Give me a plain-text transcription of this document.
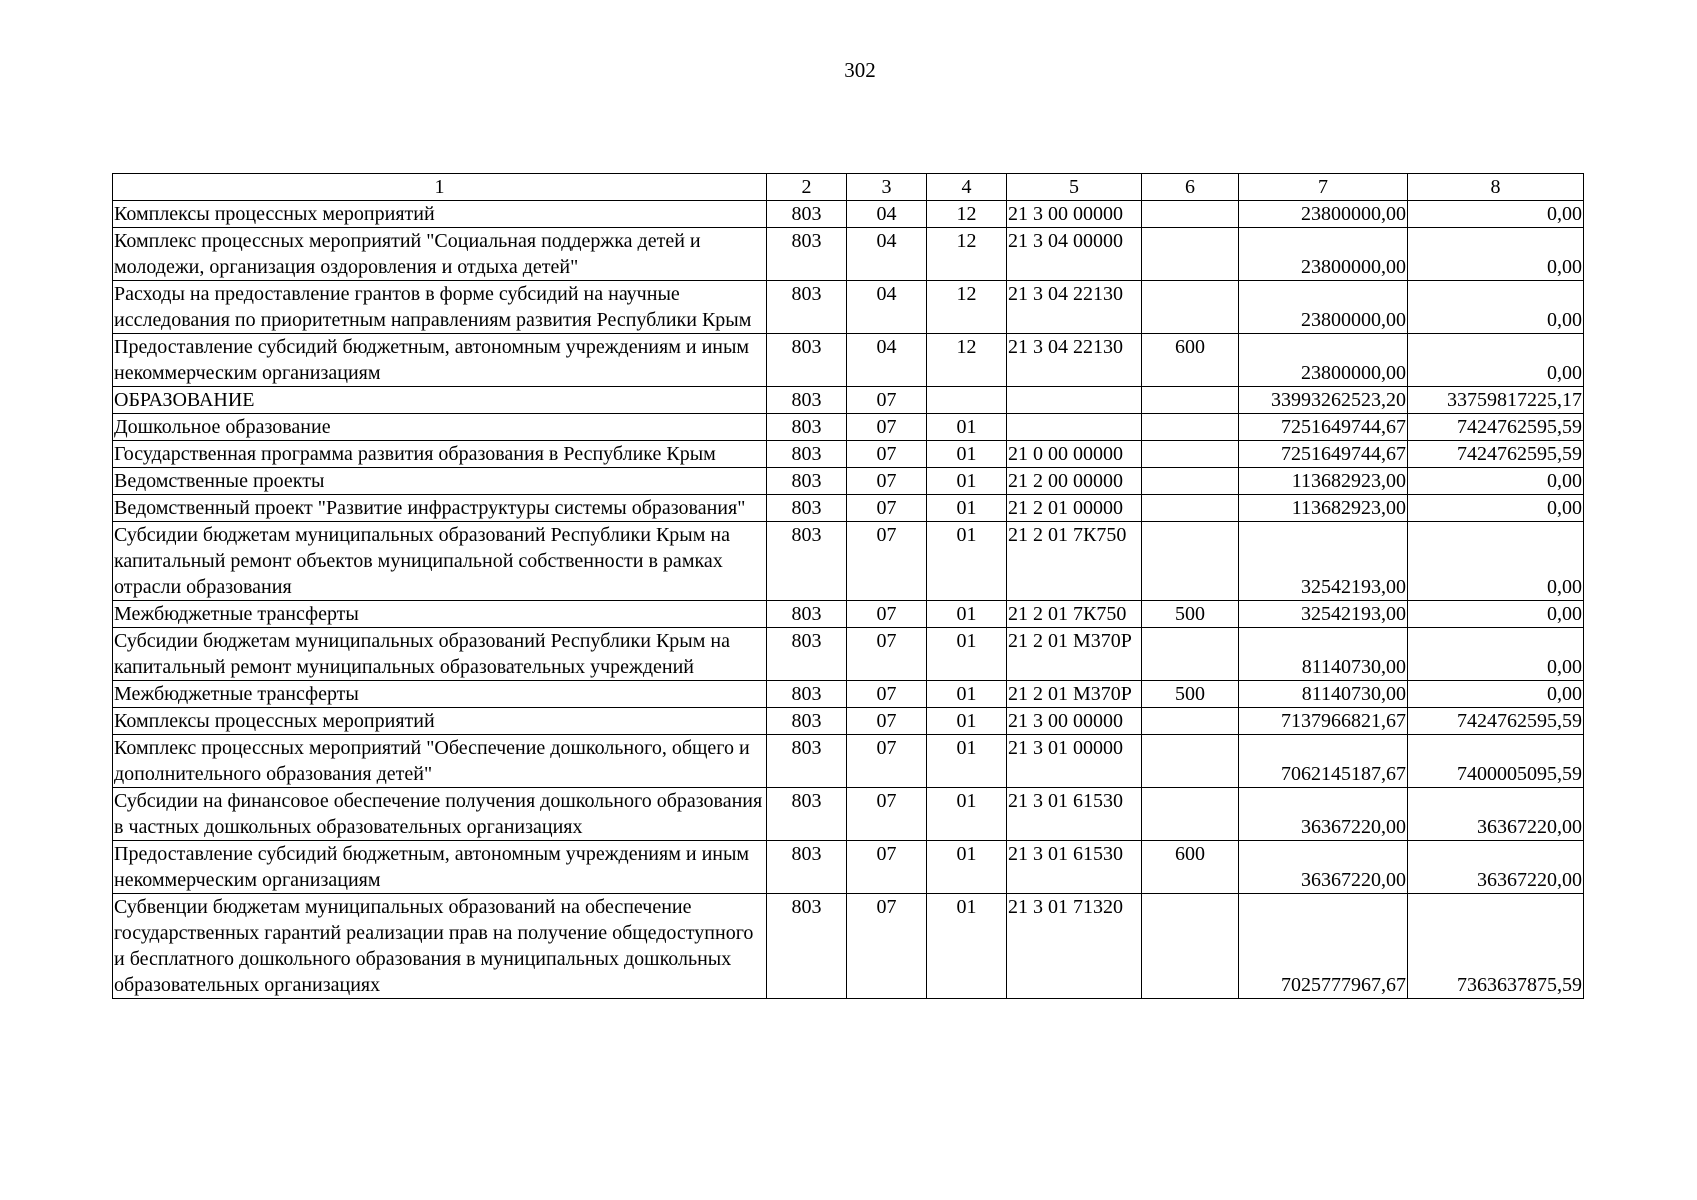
302
1	2	3	4	5	6	7	8
Комплексы процессных мероприятий	803	04	12	21 3 00 00000		23800000,00	0,00
Комплекс процессных мероприятий "Социальная поддержка детей и молодежи, организация оздоровления и отдыха детей"	803	04	12	21 3 04 00000		23800000,00	0,00
Расходы на предоставление грантов в форме субсидий на научные исследования по приоритетным направлениям развития Республики Крым	803	04	12	21 3 04 22130		23800000,00	0,00
Предоставление субсидий бюджетным, автономным учреждениям и иным некоммерческим организациям	803	04	12	21 3 04 22130	600	23800000,00	0,00
ОБРАЗОВАНИЕ	803	07				33993262523,20	33759817225,17
Дошкольное образование	803	07	01			7251649744,67	7424762595,59
Государственная программа развития образования в Республике Крым	803	07	01	21 0 00 00000		7251649744,67	7424762595,59
Ведомственные проекты	803	07	01	21 2 00 00000		113682923,00	0,00
Ведомственный проект "Развитие инфраструктуры системы образования"	803	07	01	21 2 01 00000		113682923,00	0,00
Субсидии бюджетам муниципальных образований Республики Крым на капитальный ремонт объектов муниципальной собственности в рамках отрасли образования	803	07	01	21 2 01 7К750		32542193,00	0,00
Межбюджетные трансферты	803	07	01	21 2 01 7К750	500	32542193,00	0,00
Субсидии бюджетам муниципальных образований Республики Крым на капитальный ремонт муниципальных образовательных учреждений	803	07	01	21 2 01 М370Р		81140730,00	0,00
Межбюджетные трансферты	803	07	01	21 2 01 М370Р	500	81140730,00	0,00
Комплексы процессных мероприятий	803	07	01	21 3 00 00000		7137966821,67	7424762595,59
Комплекс процессных мероприятий "Обеспечение дошкольного, общего и дополнительного образования детей"	803	07	01	21 3 01 00000		7062145187,67	7400005095,59
Субсидии на финансовое обеспечение получения дошкольного образования в частных дошкольных образовательных организациях	803	07	01	21 3 01 61530		36367220,00	36367220,00
Предоставление субсидий бюджетным, автономным учреждениям и иным некоммерческим организациям	803	07	01	21 3 01 61530	600	36367220,00	36367220,00
Субвенции бюджетам муниципальных образований на обеспечение государственных гарантий реализации прав на получение общедоступного и бесплатного дошкольного образования в муниципальных дошкольных образовательных организациях	803	07	01	21 3 01 71320		7025777967,67	7363637875,59
